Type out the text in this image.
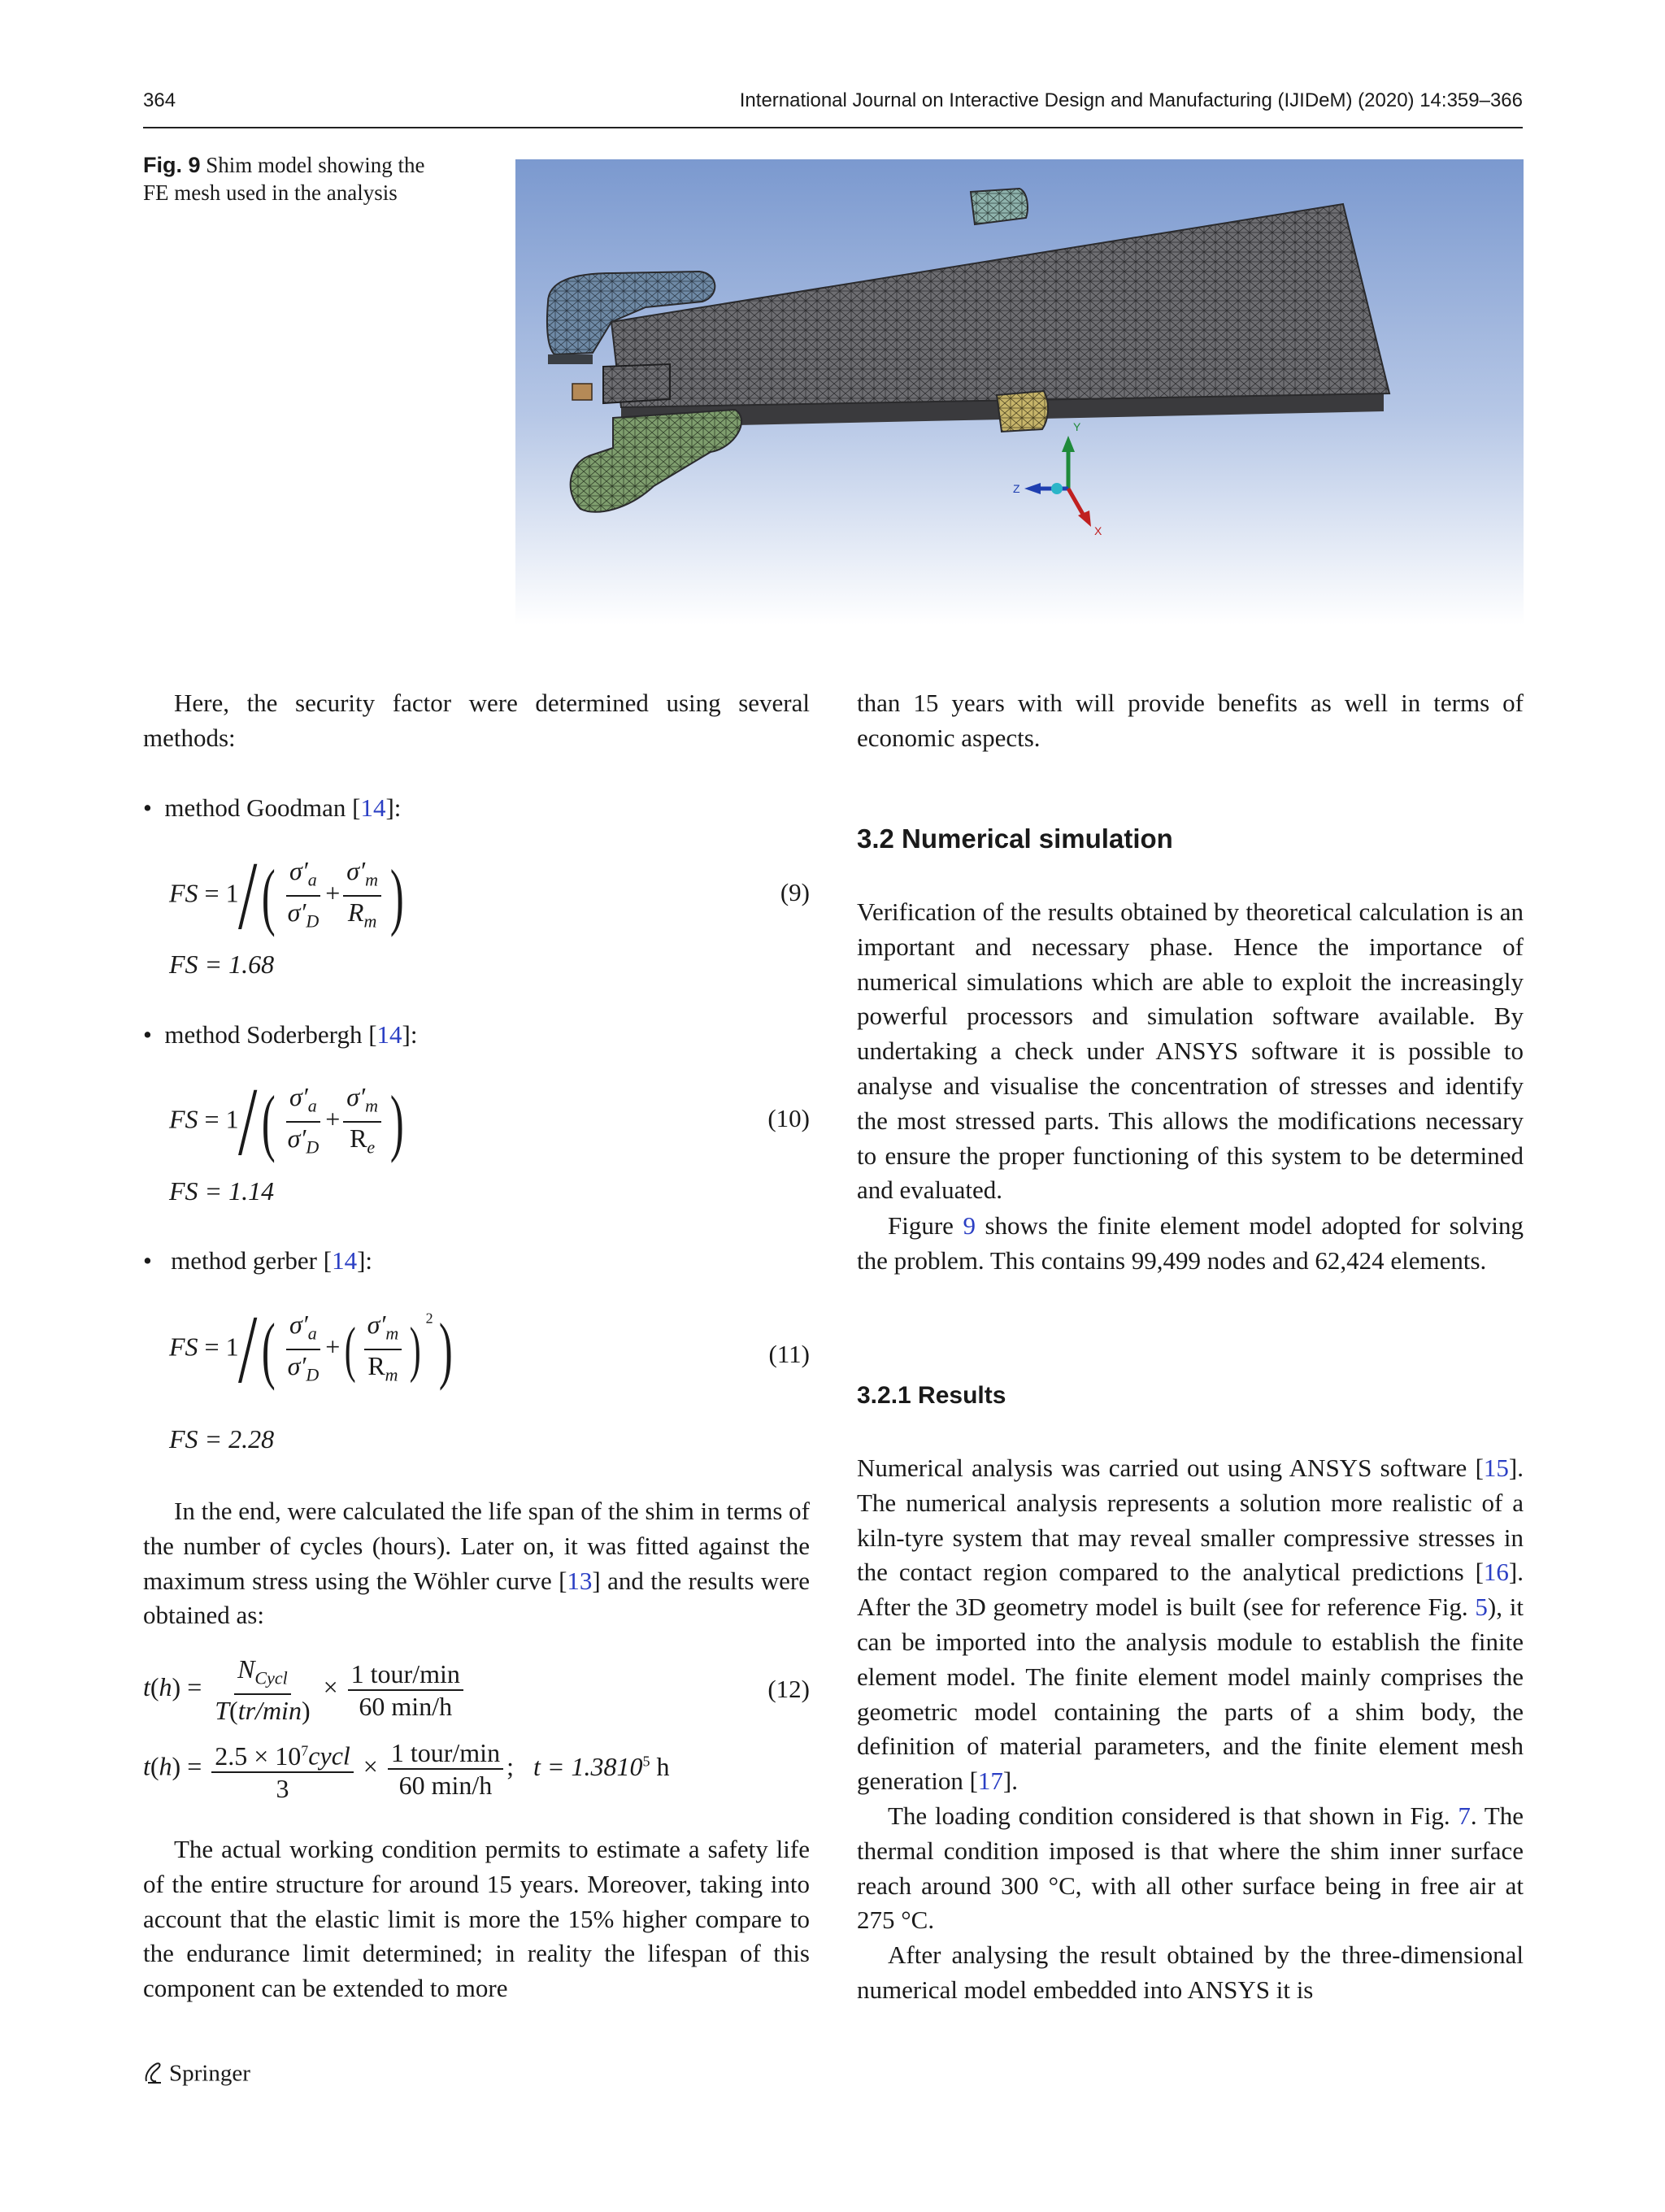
364	International Journal on Interactive Design and Manufacturing (IJIDeM) (2020) 14:359–366
Fig. 9 Shim model showing the FE mesh used in the analysis
Y
Z
X
Here, the security factor were determined using several methods:
• method Goodman [14]:
FS = $1/( \frac{\sigma'_a}{\sigma'_D} + \frac{\sigma'_m}{R_m}$ )	(9)
FS = 1.68
• method Soderbergh [14]:
FS = $1/( \frac{\sigma'_a}{\sigma'_D} + \frac{\sigma'_m}{R_e}$ )	(10)
FS = 1.14
• method gerber [14]:
FS = $1/( \frac{\sigma'_a}{\sigma'_D}$ +( $\frac{\sigma'_m}{R_m}$ ) $^2$)	(11)
FS = 2.28
In the end, were calculated the life span of the shim in terms of the number of cycles (hours). Later on, it was fitted against the maximum stress using the Wöhler curve [13] and the results were obtained as:
$t(h) = \frac{N_{Cycl}}{T(tr/\min)} \times \frac{\text{1 tour/min}}{60 \min/h}$	(12)
$t(h) = \frac{2.5 \times 10^7cycl}{3} \times \frac{\text{1 tour/min}}{60 \min/h}$ ; $t = 1.3810^5$ h
The actual working condition permits to estimate a safety life of the entire structure for around 15 years. Moreover, taking into account that the elastic limit is more the 15% higher compare to the endurance limit determined; in reality the lifespan of this component can be extended to more
than 15 years with will provide benefits as well in terms of economic aspects.
3.2 Numerical simulation
Verification of the results obtained by theoretical calculation is an important and necessary phase. Hence the importance of numerical simulations which are able to exploit the increasingly powerful processors and simulation software available. By undertaking a check under ANSYS software it is possible to analyse and visualise the concentration of stresses and identify the most stressed parts. This allows the modifications necessary to ensure the proper functioning of this system to be determined and evaluated.
Figure 9 shows the finite element model adopted for solving the problem. This contains 99,499 nodes and 62,424 elements.
3.2.1 Results
Numerical analysis was carried out using ANSYS software [15]. The numerical analysis represents a solution more realistic of a kiln-tyre system that may reveal smaller compressive stresses in the contact region compared to the analytical predictions [16]. After the 3D geometry model is built (see for reference Fig. 5), it can be imported into the analysis module to establish the finite element model. The finite element model mainly comprises the geometric model containing the parts of a shim body, the definition of material parameters, and the finite element mesh generation [17].
The loading condition considered is that shown in Fig. 7. The thermal condition imposed is that where the shim inner surface reach around 300 °C, with all other surface being in free air at 275 °C.
After analysing the result obtained by the three-dimensional numerical model embedded into ANSYS it is
Springer
